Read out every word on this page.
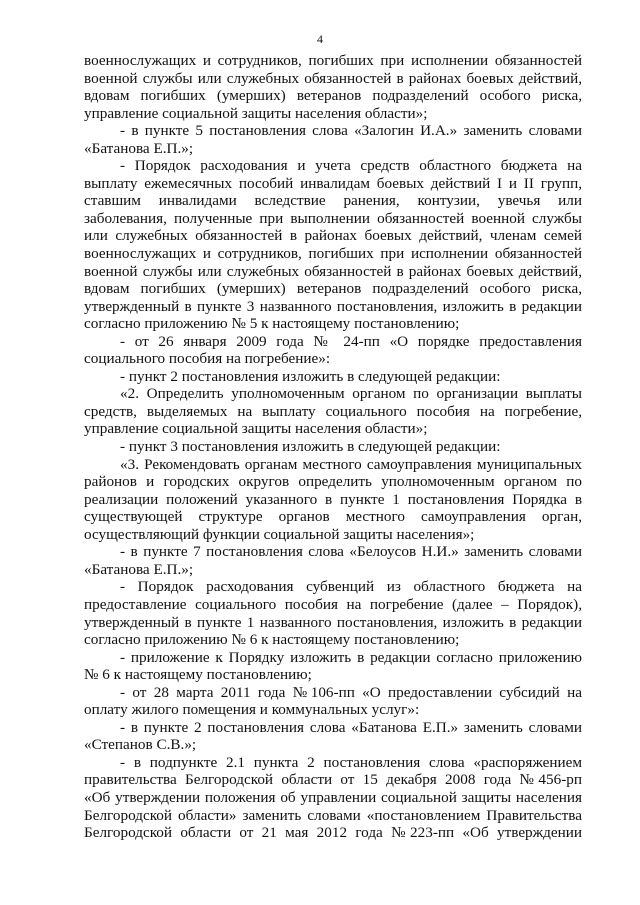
4
военнослужащих и сотрудников, погибших при исполнении обязанностей
военной службы или служебных обязанностей в районах боевых действий,
вдовам погибших (умерших) ветеранов подразделений особого риска,
управление социальной защиты населения области»;
- в пункте 5 постановления слова «Залогин И.А.» заменить словами
«Батанова Е.П.»;
- Порядок расходования и учета средств областного бюджета на
выплату ежемесячных пособий инвалидам боевых действий I и II групп,
ставшим инвалидами вследствие ранения, контузии, увечья или
заболевания, полученные при выполнении обязанностей военной службы
или служебных обязанностей в районах боевых действий, членам семей
военнослужащих и сотрудников, погибших при исполнении обязанностей
военной службы или служебных обязанностей в районах боевых действий,
вдовам погибших (умерших) ветеранов подразделений особого риска,
утвержденный в пункте 3 названного постановления, изложить в редакции
согласно приложению № 5 к настоящему постановлению;
- от 26 января 2009 года № 24-пп «О порядке предоставления
социального пособия на погребение»:
- пункт 2 постановления изложить в следующей редакции:
«2. Определить уполномоченным органом по организации выплаты
средств, выделяемых на выплату социального пособия на погребение,
управление социальной защиты населения области»;
- пункт 3 постановления изложить в следующей редакции:
«3. Рекомендовать органам местного самоуправления муниципальных
районов и городских округов определить уполномоченным органом по
реализации положений указанного в пункте 1 постановления Порядка в
существующей структуре органов местного самоуправления орган,
осуществляющий функции социальной защиты населения»;
- в пункте 7 постановления слова «Белоусов Н.И.» заменить словами
«Батанова Е.П.»;
- Порядок расходования субвенций из областного бюджета на
предоставление социального пособия на погребение (далее – Порядок),
утвержденный в пункте 1 названного постановления, изложить в редакции
согласно приложению № 6 к настоящему постановлению;
- приложение к Порядку изложить в редакции согласно приложению
№ 6 к настоящему постановлению;
- от 28 марта 2011 года №106-пп «О предоставлении субсидий на
оплату жилого помещения и коммунальных услуг»:
- в пункте 2 постановления слова «Батанова Е.П.» заменить словами
«Степанов С.В.»;
- в подпункте 2.1 пункта 2 постановления слова «распоряжением
правительства Белгородской области от 15 декабря 2008 года №456-рп
«Об утверждении положения об управлении социальной защиты населения
Белгородской области» заменить словами «постановлением Правительства
Белгородской области от 21 мая 2012 года №223-пп «Об утверждении
